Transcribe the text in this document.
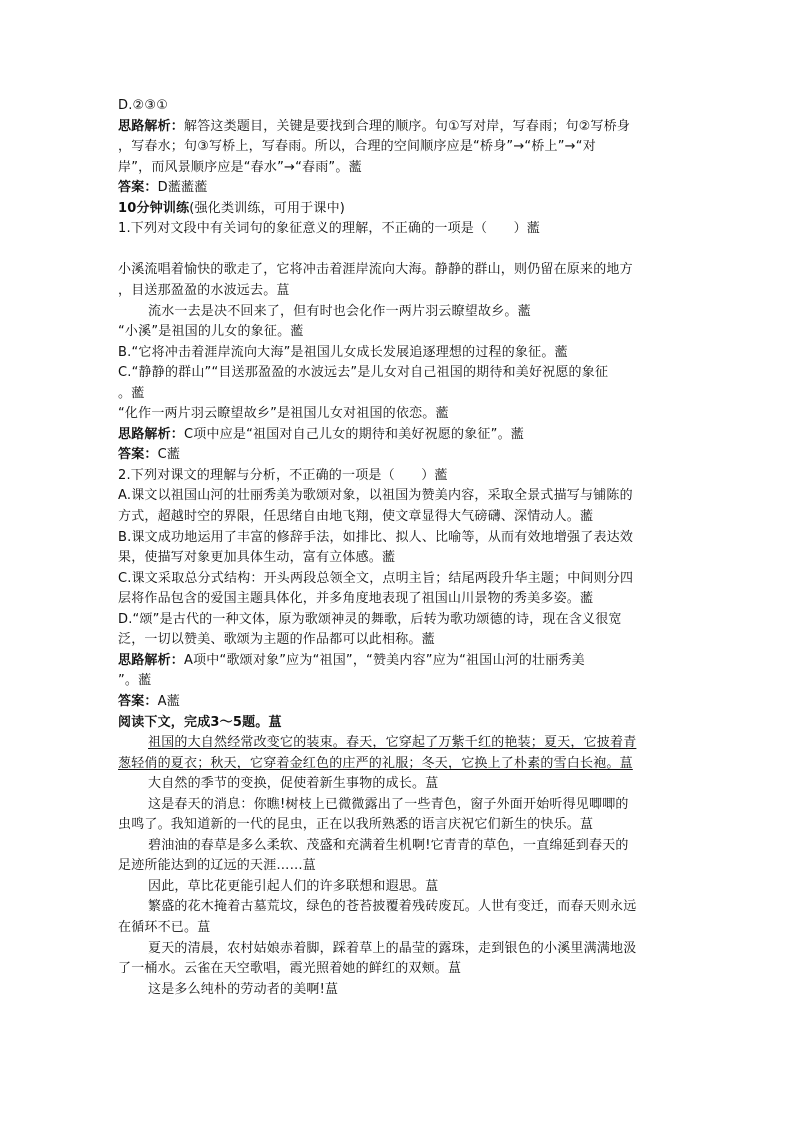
D.②③①
思路解析：解答这类题目，关键是要找到合理的顺序。句①写对岸，写春雨；句②写桥身
，写春水；句③写桥上，写春雨。所以，合理的空间顺序应是“桥身”→“桥上”→“对
岸”，而风景顺序应是“春水”→“春雨”。蘫
答案：D蘫蘫蘫
10分钟训练(强化类训练，可用于课中)
1.下列对文段中有关词句的象征意义的理解，不正确的一项是（　　）蘫
小溪流唱着愉快的歌走了，它将冲击着涯岸流向大海。静静的群山，则仍留在原来的地方
，目送那盈盈的水波远去。蒀
流水一去是决不回来了，但有时也会化作一两片羽云瞭望故乡。蘫
“小溪”是祖国的儿女的象征。蘫
B.“它将冲击着涯岸流向大海”是祖国儿女成长发展追逐理想的过程的象征。蘫
C.“静静的群山”“目送那盈盈的水波远去”是儿女对自己祖国的期待和美好祝愿的象征
。蘫
“化作一两片羽云瞭望故乡”是祖国儿女对祖国的依恋。蘫
思路解析：C项中应是“祖国对自己儿女的期待和美好祝愿的象征”。蘫
答案：C蘫
2.下列对课文的理解与分析，不正确的一项是（　　）蘫
A.课文以祖国山河的壮丽秀美为歌颂对象，以祖国为赞美内容，采取全景式描写与铺陈的
方式，超越时空的界限，任思绪自由地飞翔，使文章显得大气磅礴、深情动人。蘫
B.课文成功地运用了丰富的修辞手法，如排比、拟人、比喻等，从而有效地增强了表达效
果，使描写对象更加具体生动，富有立体感。蘫
C.课文采取总分式结构：开头两段总领全文，点明主旨；结尾两段升华主题；中间则分四
层将作品包含的爱国主题具体化，并多角度地表现了祖国山川景物的秀美多姿。蘫
D.“颂”是古代的一种文体，原为歌颂神灵的舞歌，后转为歌功颂德的诗，现在含义很宽
泛，一切以赞美、歌颂为主题的作品都可以此相称。蘫
思路解析：A项中“歌颂对象”应为“祖国”，“赞美内容”应为“祖国山河的壮丽秀美
”。蘫
答案：A蘫
阅读下文，完成3～5题。蒀
祖国的大自然经常改变它的装束。春天，它穿起了万紫千红的艳装；夏天，它披着青
葱轻俏的夏衣；秋天，它穿着金红色的庄严的礼服；冬天，它换上了朴素的雪白长袍。蒀
大自然的季节的变换，促使着新生事物的成长。蒀
这是春天的消息：你瞧!树枝上已微微露出了一些青色，窗子外面开始听得见唧唧的
虫鸣了。我知道新的一代的昆虫，正在以我所熟悉的语言庆祝它们新生的快乐。蒀
碧油油的春草是多么柔软、茂盛和充满着生机啊!它青青的草色，一直绵延到春天的
足迹所能达到的辽远的天涯……蒀
因此，草比花更能引起人们的许多联想和遐思。蒀
繁盛的花木掩着古墓荒坟，绿色的苍苔披覆着残砖废瓦。人世有变迁，而春天则永远
在循环不已。蒀
夏天的清晨，农村姑娘赤着脚，踩着草上的晶莹的露珠，走到银色的小溪里满满地汲
了一桶水。云雀在天空歌唱，霞光照着她的鲜红的双颊。蒀
这是多么纯朴的劳动者的美啊!蒀
